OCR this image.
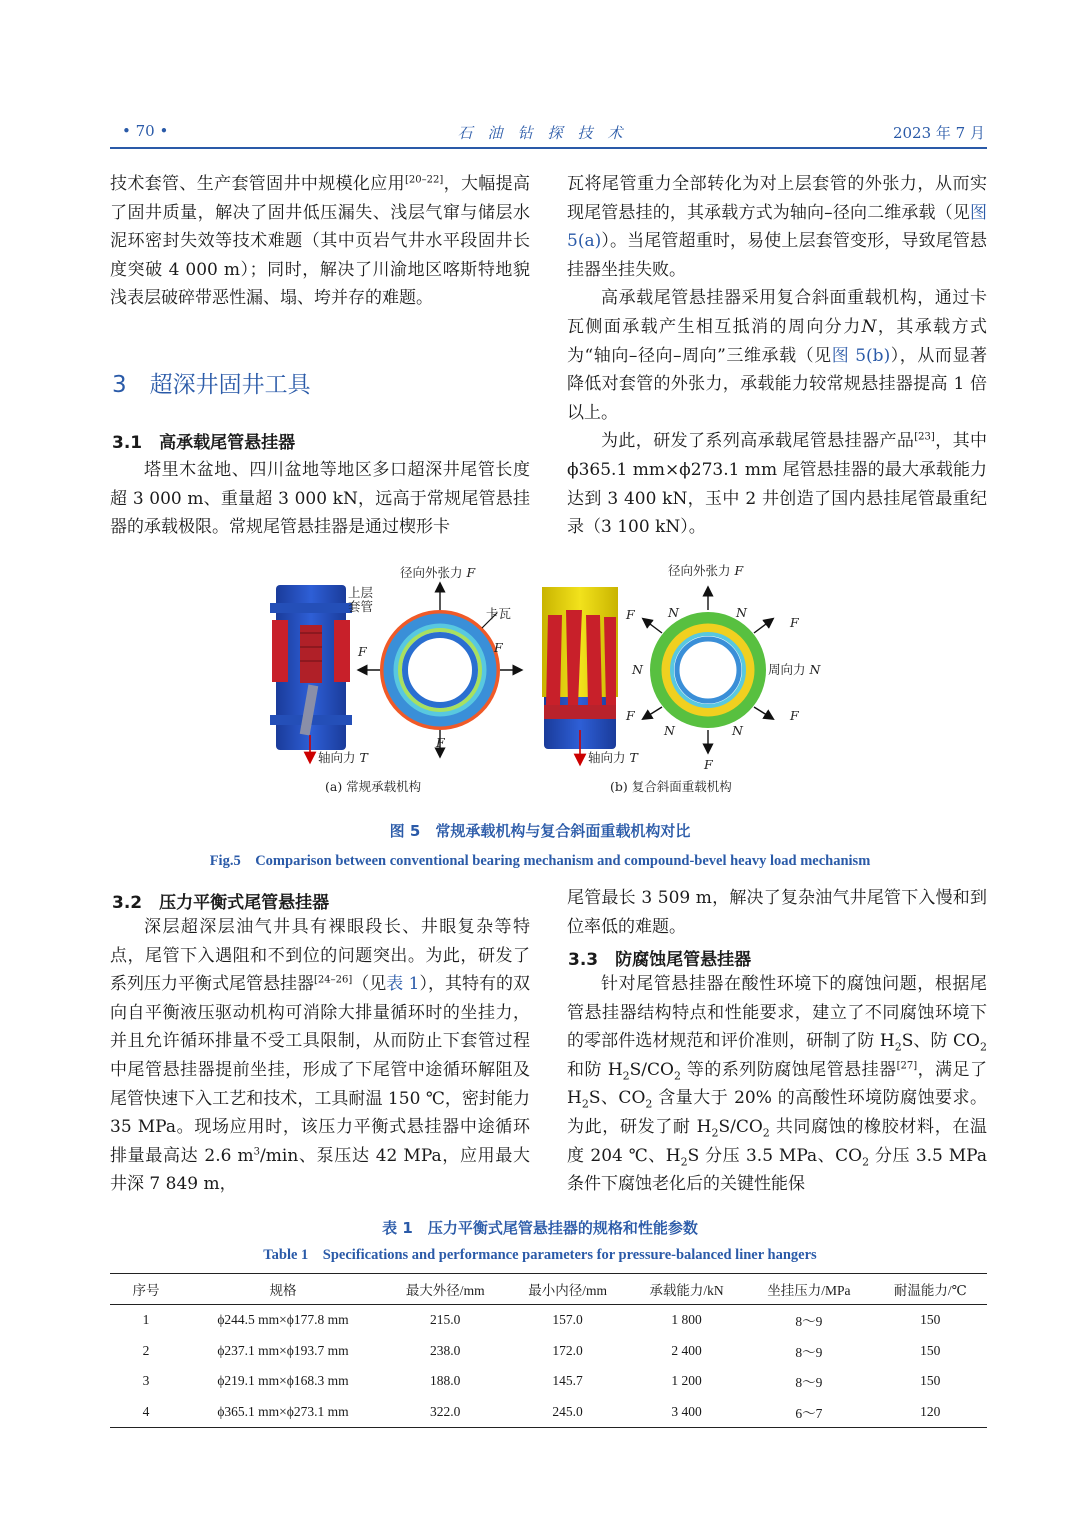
• 70 •	石　油　钻　探　技　术	2023 年 7 月

技术套管、生产套管固井中规模化应用[20–22]，大幅提高了固井质量，解决了固井低压漏失、浅层气窜与储层水泥环密封失效等技术难题（其中页岩气井水平段固井长度突破 4 000 m）；同时，解决了川渝地区喀斯特地貌浅表层破碎带恶性漏、塌、垮并存的难题。

3　超深井固井工具
3.1　高承载尾管悬挂器

塔里木盆地、四川盆地等地区多口超深井尾管长度超 3 000 m、重量超 3 000 kN，远高于常规尾管悬挂器的承载极限。常规尾管悬挂器是通过楔形卡

瓦将尾管重力全部转化为对上层套管的外张力，从而实现尾管悬挂的，其承载方式为轴向–径向二维承载（见图 5(a)）。当尾管超重时，易使上层套管变形，导致尾管悬挂器坐挂失败。

高承载尾管悬挂器采用复合斜面重载机构，通过卡瓦侧面承载产生相互抵消的周向分力N，其承载方式为“轴向–径向–周向”三维承载（见图 5(b)），从而显著降低对套管的外张力，承载能力较常规悬挂器提高 1 倍以上。

为此，研发了系列高承载尾管悬挂器产品[23]，其中 ϕ365.1 mm×ϕ273.1 mm 尾管悬挂器的最大承载能力达到 3 400 kN，玉中 2 井创造了国内悬挂尾管最重纪录（3 100 kN）。

上层
套管
轴向力 T
径向外张力 F
卡瓦
F	F
F
轴向力 T
径向外张力 F
周向力 N
F	N	N
F
N
F
N	N
F
F
(a) 常规承载机构	(b) 复合斜面重载机构
图 5　常规承载机构与复合斜面重载机构对比
Fig.5　Comparison between conventional bearing mechanism and compound-bevel heavy load mechanism
3.2　压力平衡式尾管悬挂器

深层超深层油气井具有裸眼段长、井眼复杂等特点，尾管下入遇阻和不到位的问题突出。为此，研发了系列压力平衡式尾管悬挂器[24–26]（见表 1），其特有的双向自平衡液压驱动机构可消除大排量循环时的坐挂力，并且允许循环排量不受工具限制，从而防止下套管过程中尾管悬挂器提前坐挂，形成了下尾管中途循环解阻及尾管快速下入工艺和技术，工具耐温 150 ℃，密封能力 35 MPa。现场应用时，该压力平衡式悬挂器中途循环排量最高达 2.6 $m^3/\min$、泵压达 42 MPa，应用最大井深 7 849 m，

尾管最长 3 509 m，解决了复杂油气井尾管下入慢和到位率低的难题。

3.3　防腐蚀尾管悬挂器

针对尾管悬挂器在酸性环境下的腐蚀问题，根据尾管悬挂器结构特点和性能要求，建立了不同腐蚀环境下的零部件选材规范和评价准则，研制了防 $H_2S$、防 $CO_2$ 和防 $H_2S/CO_2$ 等的系列防腐蚀尾管悬挂器[27]，满足了 $H_2S$、$CO_2$ 含量大于 20% 的高酸性环境防腐蚀要求。为此，研发了耐 $H_2S/CO_2$ 共同腐蚀的橡胶材料，在温度 204 ℃、$H_2S$ 分压 3.5 MPa、$CO_2$ 分压 3.5 MPa 条件下腐蚀老化后的关键性能保

表 1　压力平衡式尾管悬挂器的规格和性能参数
Table 1　Specifications and performance parameters for pressure-balanced liner hangers
序号	规格	最大外径/mm	最小内径/mm	承载能力/kN	坐挂压力/MPa	耐温能力/℃
1	ϕ244.5 mm×ϕ177.8 mm	215.0	157.0	1 800	8～9	150
2	ϕ237.1 mm×ϕ193.7 mm	238.0	172.0	2 400	8～9	150
3	ϕ219.1 mm×ϕ168.3 mm	188.0	145.7	1 200	8～9	150
4	ϕ365.1 mm×ϕ273.1 mm	322.0	245.0	3 400	6～7	120
